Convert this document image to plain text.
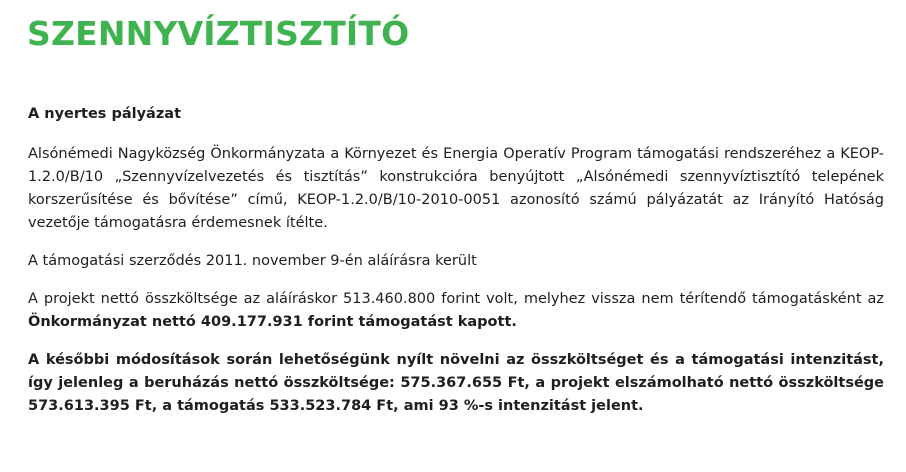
SZENNYVÍZTISZTÍTÓ

A nyertes pályázat

Alsónémedi Nagyközség Önkormányzata a Környezet és Energia Operatív Program támogatási rendszeréhez a KEOP-1.2.0/B/10 „Szennyvízelvezetés és tisztítás” konstrukcióra benyújtott „Alsónémedi szennyvíztisztító telepének korszerűsítése és bővítése” című, KEOP-1.2.0/B/10-2010-0051 azonosító számú pályázatát az Irányító Hatóság vezetője támogatásra érdemesnek ítélte.

A támogatási szerződés 2011. november 9-én aláírásra került

A projekt nettó összköltsége az aláíráskor 513.460.800 forint volt, melyhez vissza nem térítendő támogatásként az Önkormányzat nettó 409.177.931 forint támogatást kapott.

A későbbi módosítások során lehetőségünk nyílt növelni az összköltséget és a támogatási intenzitást, így jelenleg a beruházás nettó összköltsége: 575.367.655 Ft, a projekt elszámolható nettó összköltsége 573.613.395 Ft, a támogatás 533.523.784 Ft, ami 93 %-s intenzitást jelent.
